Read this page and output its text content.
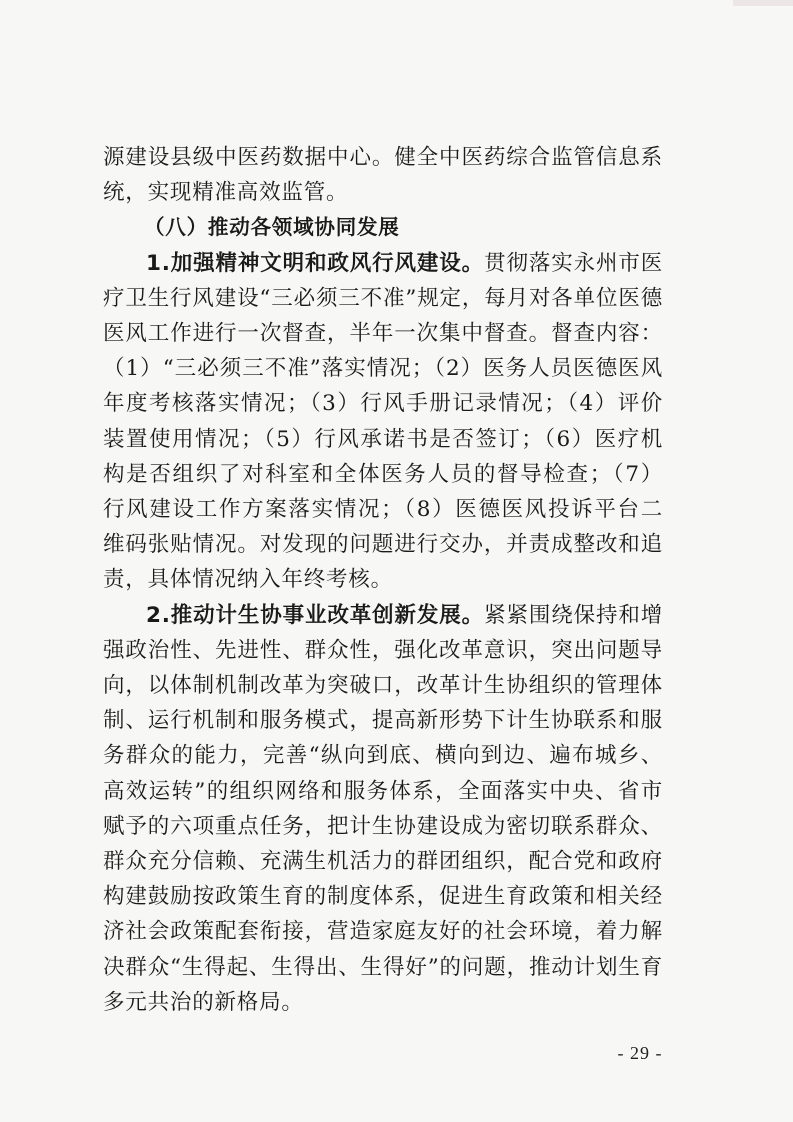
源建设县级中医药数据中心。健全中医药综合监管信息系统，实现精准高效监管。

（八）推动各领域协同发展

1.加强精神文明和政风行风建设。贯彻落实永州市医疗卫生行风建设“三必须三不准”规定，每月对各单位医德医风工作进行一次督查，半年一次集中督查。督查内容：（1）“三必须三不准”落实情况；（2）医务人员医德医风年度考核落实情况；（3）行风手册记录情况；（4）评价装置使用情况；（5）行风承诺书是否签订；（6）医疗机构是否组织了对科室和全体医务人员的督导检查；（7）行风建设工作方案落实情况；（8）医德医风投诉平台二维码张贴情况。对发现的问题进行交办，并责成整改和追责，具体情况纳入年终考核。

2.推动计生协事业改革创新发展。紧紧围绕保持和增强政治性、先进性、群众性，强化改革意识，突出问题导向，以体制机制改革为突破口，改革计生协组织的管理体制、运行机制和服务模式，提高新形势下计生协联系和服务群众的能力，完善“纵向到底、横向到边、遍布城乡、高效运转”的组织网络和服务体系，全面落实中央、省市赋予的六项重点任务，把计生协建设成为密切联系群众、群众充分信赖、充满生机活力的群团组织，配合党和政府构建鼓励按政策生育的制度体系，促进生育政策和相关经济社会政策配套衔接，营造家庭友好的社会环境，着力解决群众“生得起、生得出、生得好”的问题，推动计划生育多元共治的新格局。

- 29 -
